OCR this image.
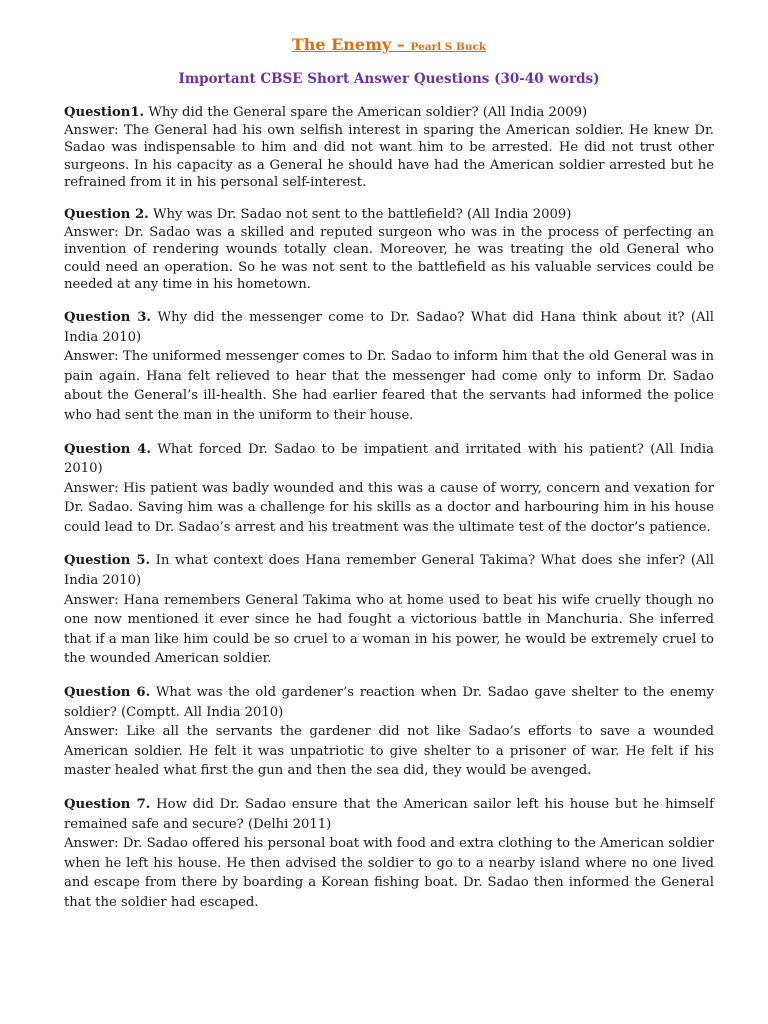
The Enemy – Pearl S Buck
Important CBSE Short Answer Questions (30-40 words)

Question1. Why did the General spare the American soldier? (All India 2009)

Answer: The General had his own selfish interest in sparing the American soldier. He knew Dr. Sadao was indispensable to him and did not want him to be arrested. He did not trust other surgeons. In his capacity as a General he should have had the American soldier arrested but he refrained from it in his personal self-interest.

Question 2. Why was Dr. Sadao not sent to the battlefield? (All India 2009)

Answer: Dr. Sadao was a skilled and reputed surgeon who was in the process of perfecting an invention of rendering wounds totally clean. Moreover, he was treating the old General who could need an operation. So he was not sent to the battlefield as his valuable services could be needed at any time in his hometown.

Question 3. Why did the messenger come to Dr. Sadao? What did Hana think about it? (All India 2010)

Answer: The uniformed messenger comes to Dr. Sadao to inform him that the old General was in pain again. Hana felt relieved to hear that the messenger had come only to inform Dr. Sadao about the General’s ill-health. She had earlier feared that the servants had informed the police who had sent the man in the uniform to their house.

Question 4. What forced Dr. Sadao to be impatient and irritated with his patient? (All India 2010)

Answer: His patient was badly wounded and this was a cause of worry, concern and vexation for Dr. Sadao. Saving him was a challenge for his skills as a doctor and harbouring him in his house could lead to Dr. Sadao’s arrest and his treatment was the ultimate test of the doctor’s patience.

Question 5. In what context does Hana remember General Takima? What does she infer? (All India 2010)

Answer: Hana remembers General Takima who at home used to beat his wife cruelly though no one now mentioned it ever since he had fought a victorious battle in Manchuria. She inferred that if a man like him could be so cruel to a woman in his power, he would be extremely cruel to the wounded American soldier.

Question 6. What was the old gardener’s reaction when Dr. Sadao gave shelter to the enemy soldier? (Comptt. All India 2010)

Answer: Like all the servants the gardener did not like Sadao’s efforts to save a wounded American soldier. He felt it was unpatriotic to give shelter to a prisoner of war. He felt if his master healed what first the gun and then the sea did, they would be avenged.

Question 7. How did Dr. Sadao ensure that the American sailor left his house but he himself remained safe and secure? (Delhi 2011)

Answer: Dr. Sadao offered his personal boat with food and extra clothing to the American soldier when he left his house. He then advised the soldier to go to a nearby island where no one lived and escape from there by boarding a Korean fishing boat. Dr. Sadao then informed the General that the soldier had escaped.
